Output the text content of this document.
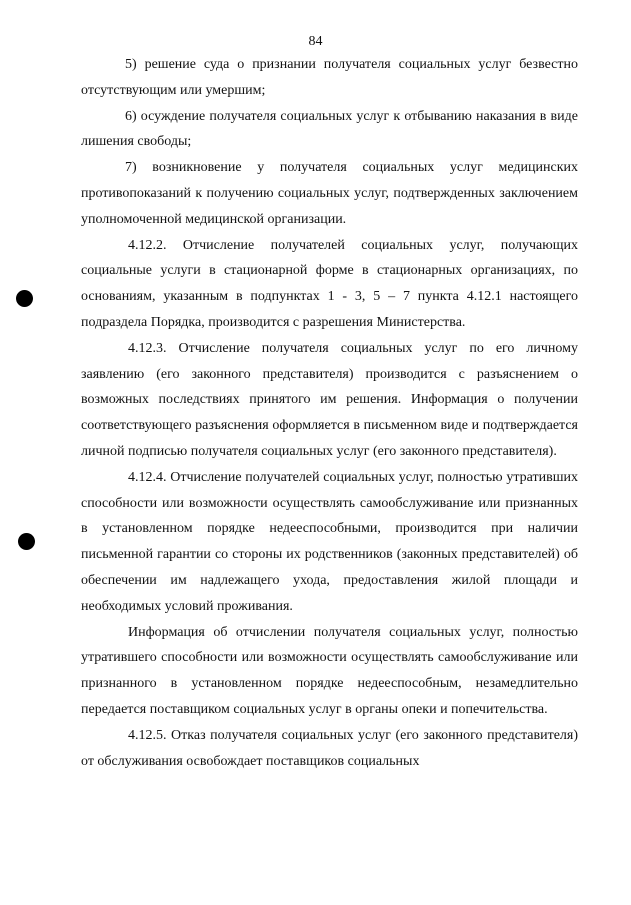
84

5) решение суда о признании получателя социальных услуг безвестно отсутствующим или умершим;

6) осуждение получателя социальных услуг к отбыванию наказания в виде лишения свободы;

7) возникновение у получателя социальных услуг медицинских противопоказаний к получению социальных услуг, подтвержденных заключением уполномоченной медицинской организации.

4.12.2. Отчисление получателей социальных услуг, получающих социальные услуги в стационарной форме в стационарных организациях, по основаниям, указанным в подпунктах 1 - 3, 5 – 7 пункта 4.12.1 настоящего подраздела Порядка, производится с разрешения Министерства.

4.12.3. Отчисление получателя социальных услуг по его личному заявлению (его законного представителя) производится с разъяснением о возможных последствиях принятого им решения. Информация о получении соответствующего разъяснения оформляется в письменном виде и подтверждается личной подписью получателя социальных услуг (его законного представителя).

4.12.4. Отчисление получателей социальных услуг, полностью утративших способности или возможности осуществлять самообслуживание или признанных в установленном порядке недееспособными, производится при наличии письменной гарантии со стороны их родственников (законных представителей) об обеспечении им надлежащего ухода, предоставления жилой площади и необходимых условий проживания.

Информация об отчислении получателя социальных услуг, полностью утратившего способности или возможности осуществлять самообслуживание или признанного в установленном порядке недееспособным, незамедлительно передается поставщиком социальных услуг в органы опеки и попечительства.

4.12.5. Отказ получателя социальных услуг (его законного представителя) от обслуживания освобождает поставщиков социальных
